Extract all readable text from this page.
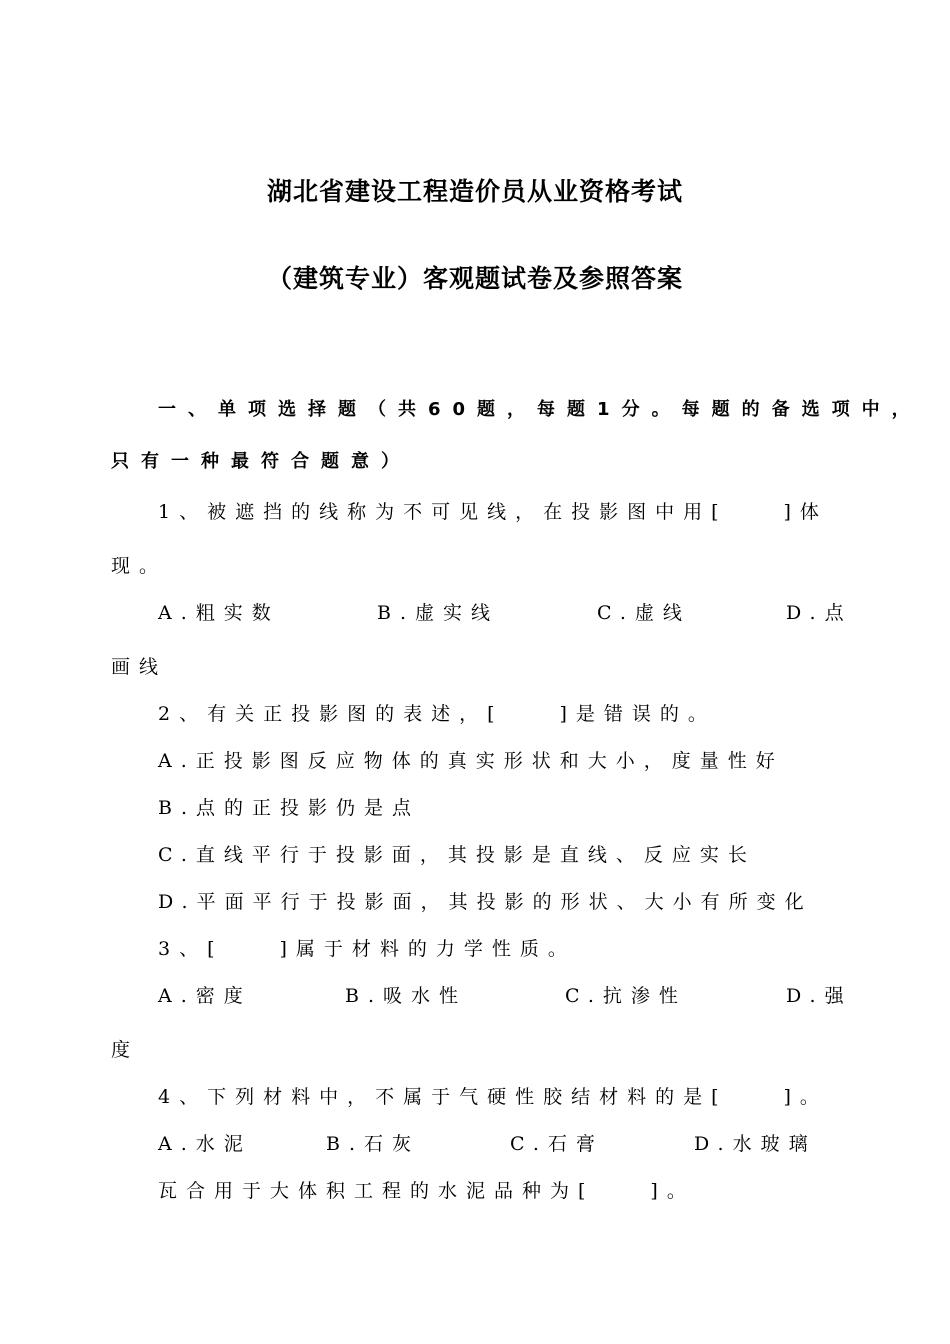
湖北省建设工程造价员从业资格考试
（建筑专业）客观题试卷及参照答案
一、单项选择题（共60题，每题1分。每题的备选项中，
只有一种最符合题意）
1、被遮挡的线称为不可见线，在投影图中用[　　]体
现。
A.粗实数	B.虚实线	C.虚线	D.点
画线
2、有关正投影图的表述，[　　]是错误的。
A.正投影图反应物体的真实形状和大小，度量性好
B.点的正投影仍是点
C.直线平行于投影面，其投影是直线、反应实长
D.平面平行于投影面，其投影的形状、大小有所变化
3、[　　]属于材料的力学性质。
A.密度	B.吸水性	C.抗渗性	D.强
度
4、下列材料中，不属于气硬性胶结材料的是[　　]。
A.水泥	B.石灰	C.石膏	D.水玻璃
瓦合用于大体积工程的水泥品种为[　　]。
